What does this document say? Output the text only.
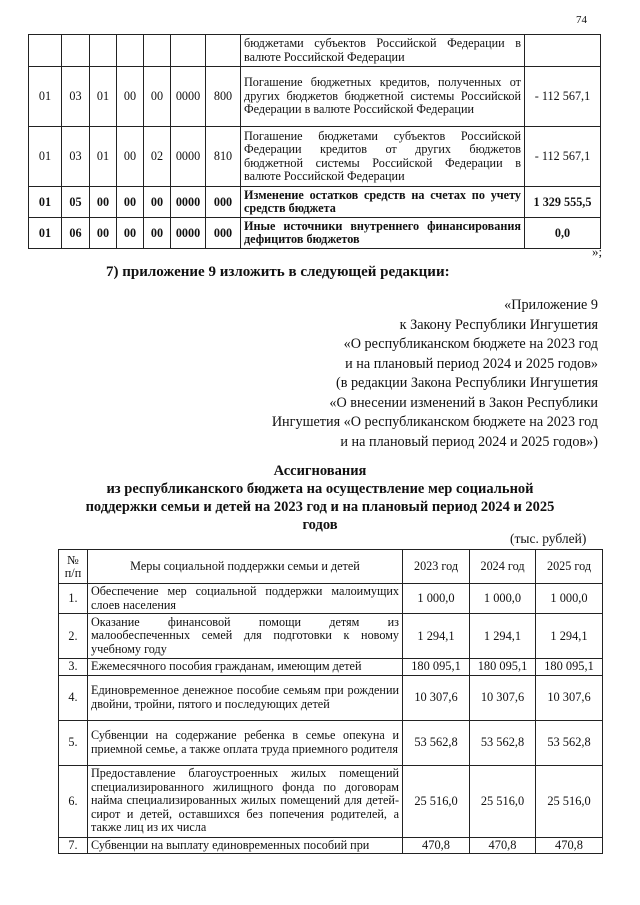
74
							бюджетами субъектов Российской Федерации в валюте Российской Федерации	
01	03	01	00	00	0000	800	Погашение бюджетных кредитов, полученных от других бюджетов бюджетной системы Российской Федерации в валюте Российской Федерации	- 112 567,1
01	03	01	00	02	0000	810	Погашение бюджетами субъектов Российской Федерации кредитов от других бюджетов бюджетной системы Российской Федерации в валюте Российской Федерации	- 112 567,1
01	05	00	00	00	0000	000	Изменение остатков средств на счетах по учету средств бюджета	1 329 555,5
01	06	00	00	00	0000	000	Иные источники внутреннего финансирования дефицитов бюджетов	0,0
»;
7) приложение 9 изложить в следующей редакции:
«Приложение 9
к Закону Республики Ингушетия
«О республиканском бюджете на 2023 год
и на плановый период 2024 и 2025 годов»
(в редакции Закона Республики Ингушетия
«О внесении изменений в Закон Республики
Ингушетия «О республиканском бюджете на 2023 год
и на плановый период 2024 и 2025 годов»)
Ассигнования
из республиканского бюджета на осуществление мер социальной
поддержки семьи и детей на 2023 год и на плановый период 2024 и 2025
годов
(тыс. рублей)
№ п/п	Меры социальной поддержки семьи и детей	2023 год	2024 год	2025 год
1.	Обеспечение мер социальной поддержки малоимущих слоев населения	1 000,0	1 000,0	1 000,0
2.	Оказание финансовой помощи детям из малообеспеченных семей для подготовки к новому учебному году	1 294,1	1 294,1	1 294,1
3.	Ежемесячного пособия гражданам, имеющим детей	180 095,1	180 095,1	180 095,1
4.	Единовременное денежное пособие семьям при рождении двойни, тройни, пятого и последующих детей	10 307,6	10 307,6	10 307,6
5.	Субвенции на содержание ребенка в семье опекуна и приемной семье, а также оплата труда приемного родителя	53 562,8	53 562,8	53 562,8
6.	Предоставление благоустроенных жилых помещений специализированного жилищного фонда по договорам найма специализированных жилых помещений для детей-сирот и детей, оставшихся без попечения родителей, а также лиц из их числа	25 516,0	25 516,0	25 516,0
7.	Субвенции на выплату единовременных пособий при	470,8	470,8	470,8
